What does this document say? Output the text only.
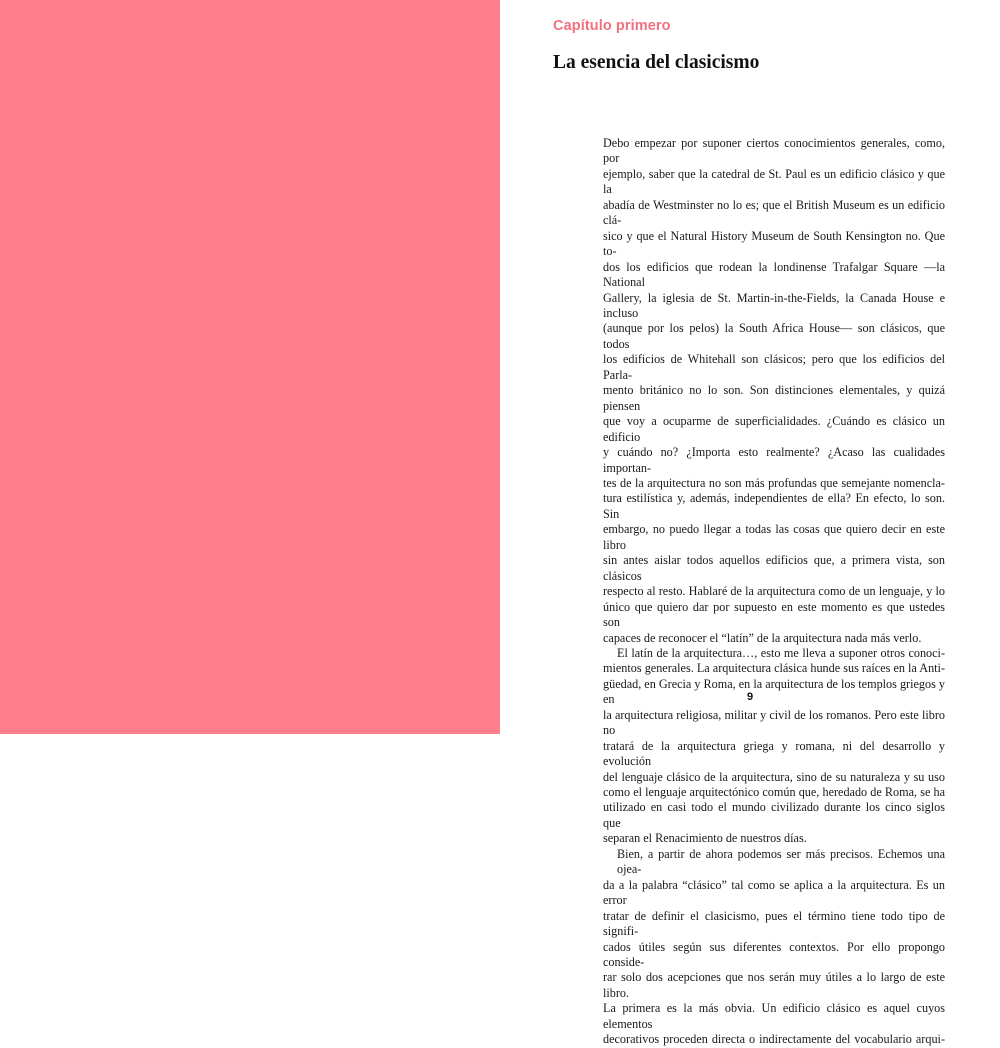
Capítulo primero
La esencia del clasicismo
Debo empezar por suponer ciertos conocimientos generales, como, por
ejemplo, saber que la catedral de St. Paul es un edificio clásico y que la
abadía de Westminster no lo es; que el British Museum es un edificio clá-
sico y que el Natural History Museum de South Kensington no. Que to-
dos los edificios que rodean la londinense Trafalgar Square —la National
Gallery, la iglesia de St. Martin-in-the-Fields, la Canada House e incluso
(aunque por los pelos) la South Africa House— son clásicos, que todos
los edificios de Whitehall son clásicos; pero que los edificios del Parla-
mento británico no lo son. Son distinciones elementales, y quizá piensen
que voy a ocuparme de superficialidades. ¿Cuándo es clásico un edificio
y cuándo no? ¿Importa esto realmente? ¿Acaso las cualidades importan-
tes de la arquitectura no son más profundas que semejante nomencla-
tura estilística y, además, independientes de ella? En efecto, lo son. Sin
embargo, no puedo llegar a todas las cosas que quiero decir en este libro
sin antes aislar todos aquellos edificios que, a primera vista, son clásicos
respecto al resto. Hablaré de la arquitectura como de un lenguaje, y lo
único que quiero dar por supuesto en este momento es que ustedes son
capaces de reconocer el “latín” de la arquitectura nada más verlo.
El latín de la arquitectura…, esto me lleva a suponer otros conoci-
mientos generales. La arquitectura clásica hunde sus raíces en la Anti-
güedad, en Grecia y Roma, en la arquitectura de los templos griegos y en
la arquitectura religiosa, militar y civil de los romanos. Pero este libro no
tratará de la arquitectura griega y romana, ni del desarrollo y evolución
del lenguaje clásico de la arquitectura, sino de su naturaleza y su uso
como el lenguaje arquitectónico común que, heredado de Roma, se ha
utilizado en casi todo el mundo civilizado durante los cinco siglos que
separan el Renacimiento de nuestros días.
Bien, a partir de ahora podemos ser más precisos. Echemos una ojea-
da a la palabra “clásico” tal como se aplica a la arquitectura. Es un error
tratar de definir el clasicismo, pues el término tiene todo tipo de signifi-
cados útiles según sus diferentes contextos. Por ello propongo conside-
rar solo dos acepciones que nos serán muy útiles a lo largo de este libro.
La primera es la más obvia. Un edificio clásico es aquel cuyos elementos
decorativos proceden directa o indirectamente del vocabulario arqui-
9
